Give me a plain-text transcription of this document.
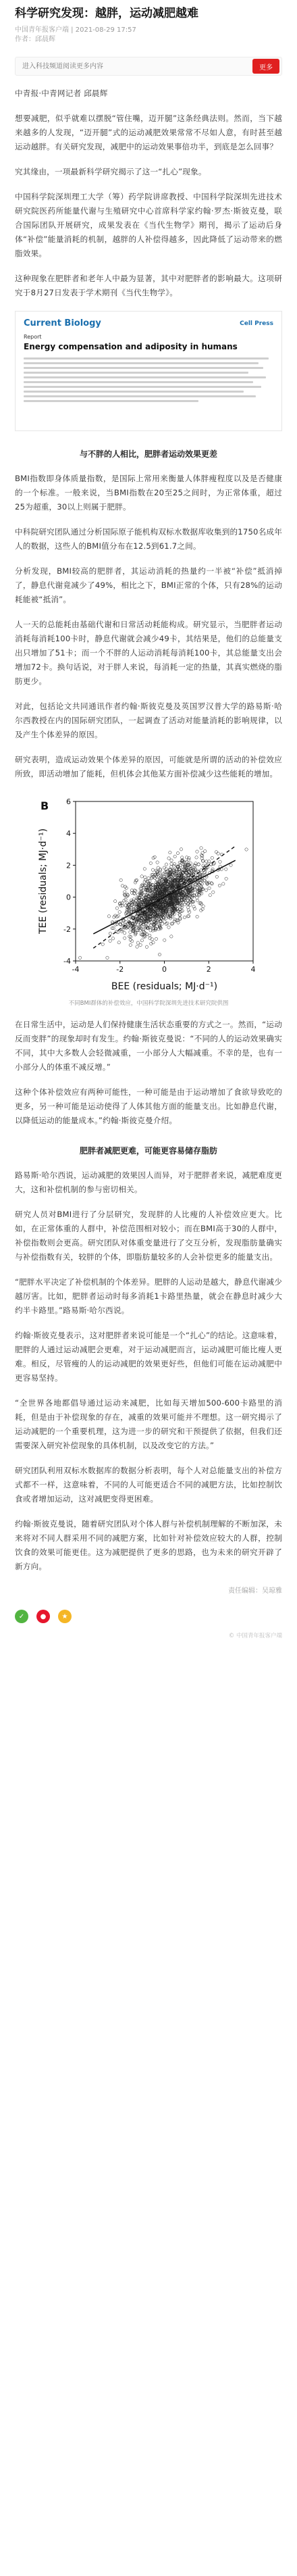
科学研究发现：越胖，运动减肥越难
中国青年报客户端 | 2021-08-29 17:57
作者：邱晨辉
进入科技频道阅读更多内容
更多

中青报·中青网记者 邱晨辉

想要减肥，似乎就难以摆脱“管住嘴，迈开腿”这条经典法则。然而，当下越来越多的人发现，“迈开腿”式的运动减肥效果常常不尽如人意，有时甚至越运动越胖。有关研究发现，减肥中的运动效果事倍功半，到底是怎么回事？

究其缘由，一项最新科学研究揭示了这一“扎心”现象。

中国科学院深圳理工大学（筹）药学院讲席教授、中国科学院深圳先进技术研究院医药所能量代谢与生殖研究中心首席科学家约翰·罗杰·斯彼克曼，联合国际团队开展研究，成果发表在《当代生物学》期刊，揭示了运动后身体“补偿”能量消耗的机制，越胖的人补偿得越多，因此降低了运动带来的燃脂效果。

这种现象在肥胖者和老年人中最为显著，其中对肥胖者的影响最大。这项研究于8月27日发表于学术期刊《当代生物学》。

Current Biology	Cell Press
Report
Energy compensation and adiposity in humans
与不胖的人相比，肥胖者运动效果更差

BMI指数即身体质量指数，是国际上常用来衡量人体胖瘦程度以及是否健康的一个标准。一般来说，当BMI指数在20至25之间时，为正常体重，超过25为超重，30以上则属于肥胖。

中科院研究团队通过分析国际原子能机构双标水数据库收集到的1750名成年人的数据，这些人的BMI值分布在12.5到61.7之间。

分析发现，BMI较高的肥胖者，其运动消耗的热量约一半被“补偿”抵消掉了，静息代谢竟减少了49%，相比之下，BMI正常的个体，只有28%的运动耗能被“抵消”。

人一天的总能耗由基础代谢和日常活动耗能构成。研究显示，当肥胖者运动消耗每消耗100卡时，静息代谢就会减少49卡，其结果是，他们的总能量支出只增加了51卡；而一个不胖的人运动消耗每消耗100卡，其总能量支出会增加72卡。换句话说，对于胖人来说，每消耗一定的热量，其真实燃烧的脂肪更少。

对此，包括论文共同通讯作者约翰·斯彼克曼及英国罗汉普大学的路易斯·哈尔西教授在内的国际研究团队，一起调查了活动对能量消耗的影响规律，以及产生个体差异的原因。

研究表明，造成运动效果个体差异的原因，可能就是所谓的活动的补偿效应所致，即活动增加了能耗，但机体会其他某方面补偿减少这些能耗的增加。

-4	-2	0	2	4
-4
-2
0
2
4
6
BEE (residuals; MJ·d⁻¹)
TEE (residuals; MJ·d⁻¹)
B
不同BMI群体的补偿效应，中国科学院深圳先进技术研究院供图

在日常生活中，运动是人们保持健康生活状态重要的方式之一。然而，“运动反而变胖”的现象却时有发生。约翰·斯彼克曼说：“不同的人的运动效果确实不同，其中大多数人会轻微减重，一小部分人大幅减重。不幸的是，也有一小部分人的体重不减反增。”

这种个体补偿效应有两种可能性，一种可能是由于运动增加了食欲导致吃的更多，另一种可能是运动使得了人体其他方面的能量支出。比如静息代谢，以降低运动的能量成本。”约翰·斯彼克曼介绍。

肥胖者减肥更难，可能更容易储存脂肪

路易斯·哈尔西说，运动减肥的效果因人而异，对于肥胖者来说，减肥难度更大，这和补偿机制的参与密切相关。

研究人员对BMI进行了分层研究，发现胖的人比瘦的人补偿效应更大。比如，在正常体重的人群中，补偿范围相对较小；而在BMI高于30的人群中，补偿指数则会更高。研究团队对体重变量进行了交互分析，发现脂肪量确实与补偿指数有关，较胖的个体，即脂肪量较多的人会补偿更多的能量支出。

“肥胖水平决定了补偿机制的个体差异。肥胖的人运动是越大，静息代谢减少越厉害。比如，肥胖者运动时每多消耗1卡路里热量，就会在静息时减少大约半卡路里。”路易斯·哈尔西说。

约翰·斯彼克曼表示，这对肥胖者来说可能是一个“扎心”的结论。这意味着，肥胖的人通过运动减肥会更难，对于运动减肥而言，运动减肥可能比瘦人更难。相反，尽管瘦的人的运动减肥的效果更好些，但他们可能在运动减肥中更容易坚持。

“全世界各地都倡导通过运动来减肥，比如每天增加500-600卡路里的消耗，但是由于补偿现象的存在，减重的效果可能并不理想。这一研究揭示了运动减肥的一个重要机理，这为进一步的研究和干预提供了依据，但我们还需要深入研究补偿现象的具体机制，以及改变它的方法。”

研究团队利用双标水数据库的数据分析表明，每个人对总能量支出的补偿方式都不一样，这意味着，不同的人可能更适合不同的减肥方法，比如控制饮食或者增加运动，这对减肥变得更困难。

约翰·斯彼克曼说，随着研究团队对个体人群与补偿机制理解的不断加深，未来将对不同人群采用不同的减肥方案，比如针对补偿效应较大的人群，控制饮食的效果可能更佳。这为减肥提供了更多的思路，也为未来的研究开辟了新方向。

责任编辑：吴琼雅
✓	●	★
© 中国青年报客户端
